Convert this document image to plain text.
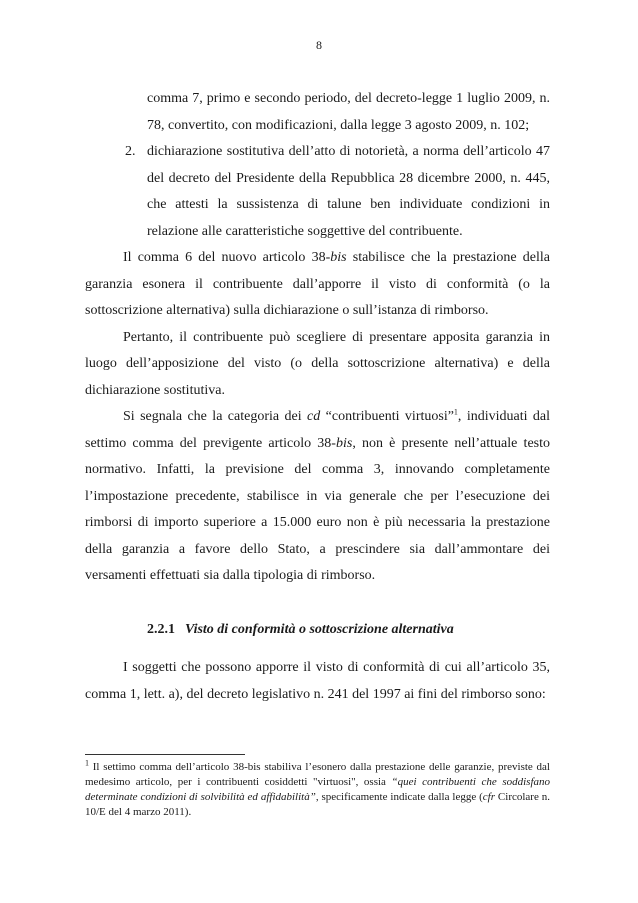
8

comma 7, primo e secondo periodo, del decreto-legge 1 luglio 2009, n. 78, convertito, con modificazioni, dalla legge 3 agosto 2009, n. 102;

2. dichiarazione sostitutiva dell’atto di notorietà, a norma dell’articolo 47 del decreto del Presidente della Repubblica 28 dicembre 2000, n. 445, che attesti la sussistenza di talune ben individuate condizioni in relazione alle caratteristiche soggettive del contribuente.

Il comma 6 del nuovo articolo 38-bis stabilisce che la prestazione della garanzia esonera il contribuente dall’apporre il visto di conformità (o la sottoscrizione alternativa) sulla dichiarazione o sull’istanza di rimborso.

Pertanto, il contribuente può scegliere di presentare apposita garanzia in luogo dell’apposizione del visto (o della sottoscrizione alternativa) e della dichiarazione sostitutiva.

Si segnala che la categoria dei cd “contribuenti virtuosi”$^1$, individuati dal settimo comma del previgente articolo 38-bis, non è presente nell’attuale testo normativo. Infatti, la previsione del comma 3, innovando completamente l’impostazione precedente, stabilisce in via generale che per l’esecuzione dei rimborsi di importo superiore a 15.000 euro non è più necessaria la prestazione della garanzia a favore dello Stato, a prescindere sia dall’ammontare dei versamenti effettuati sia dalla tipologia di rimborso.

2.2.1 Visto di conformità o sottoscrizione alternativa

I soggetti che possono apporre il visto di conformità di cui all’articolo 35, comma 1, lett. a), del decreto legislativo n. 241 del 1997 ai fini del rimborso sono:

$^1$ Il settimo comma dell’articolo 38-bis stabiliva l’esonero dalla prestazione delle garanzie, previste dal medesimo articolo, per i contribuenti cosiddetti "virtuosi", ossia “quei contribuenti che soddisfano determinate condizioni di solvibilità ed affidabilità”, specificamente indicate dalla legge (cfr Circolare n. 10/E del 4 marzo 2011).
